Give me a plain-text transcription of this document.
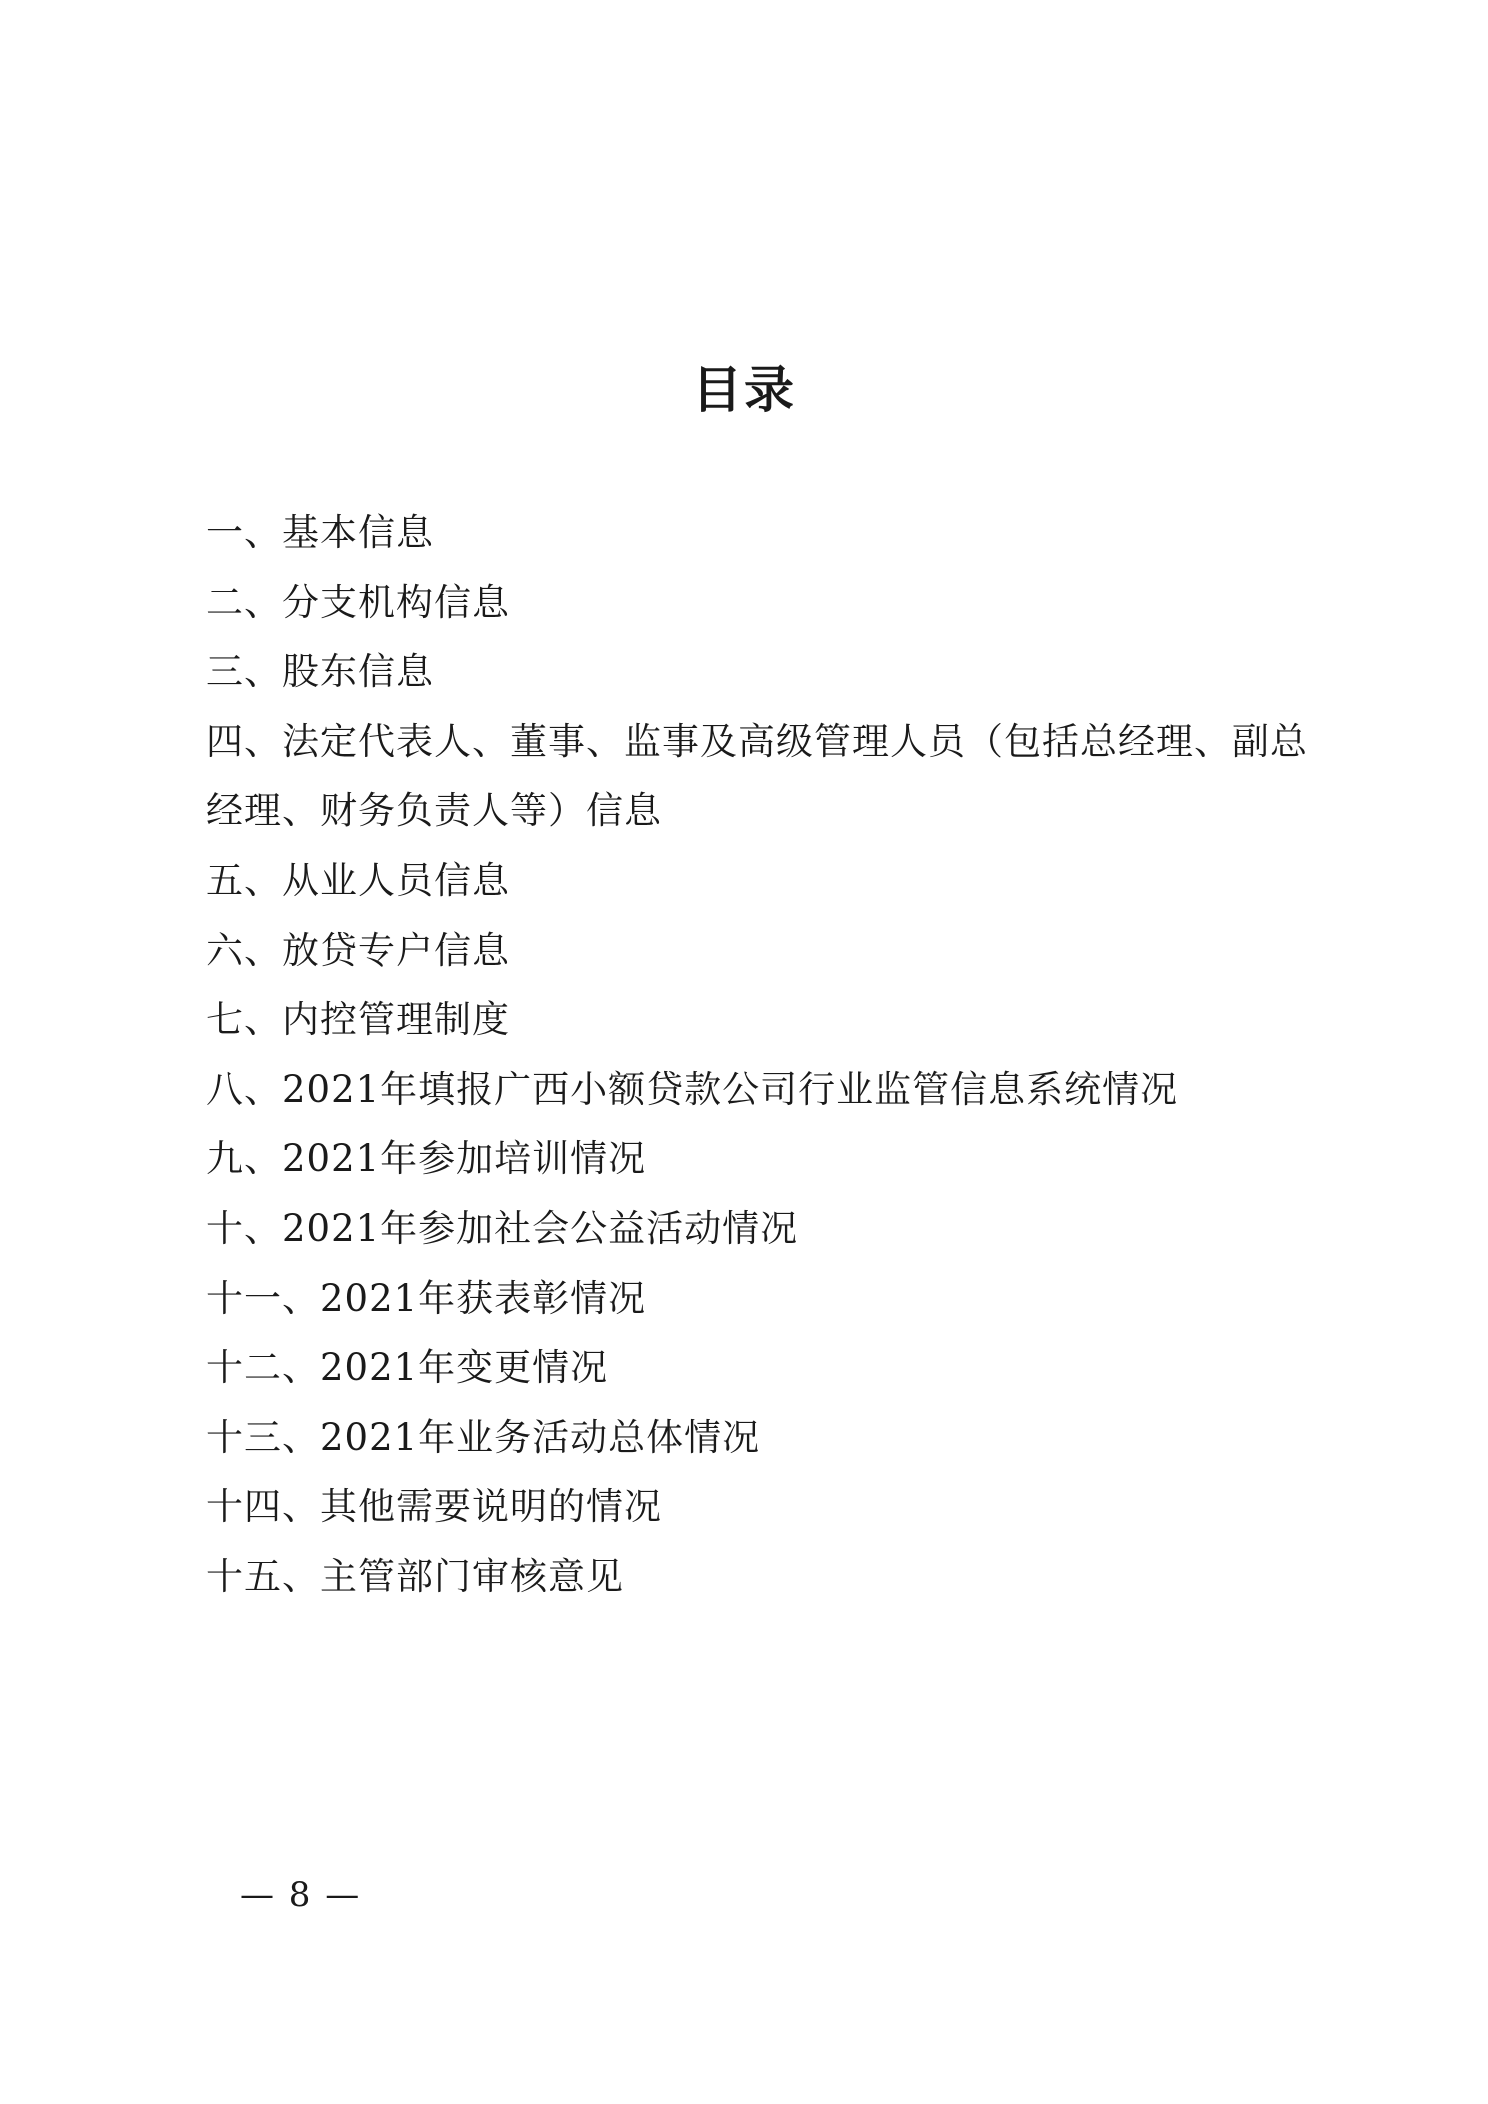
目录
一、基本信息
二、分支机构信息
三、股东信息
四、法定代表人、董事、监事及高级管理人员（包括总经理、副总经理、财务负责人等）信息
五、从业人员信息
六、放贷专户信息
七、内控管理制度
八、2021年填报广西小额贷款公司行业监管信息系统情况
九、2021年参加培训情况
十、2021年参加社会公益活动情况
十一、2021年获表彰情况
十二、2021年变更情况
十三、2021年业务活动总体情况
十四、其他需要说明的情况
十五、主管部门审核意见
— 8 —
